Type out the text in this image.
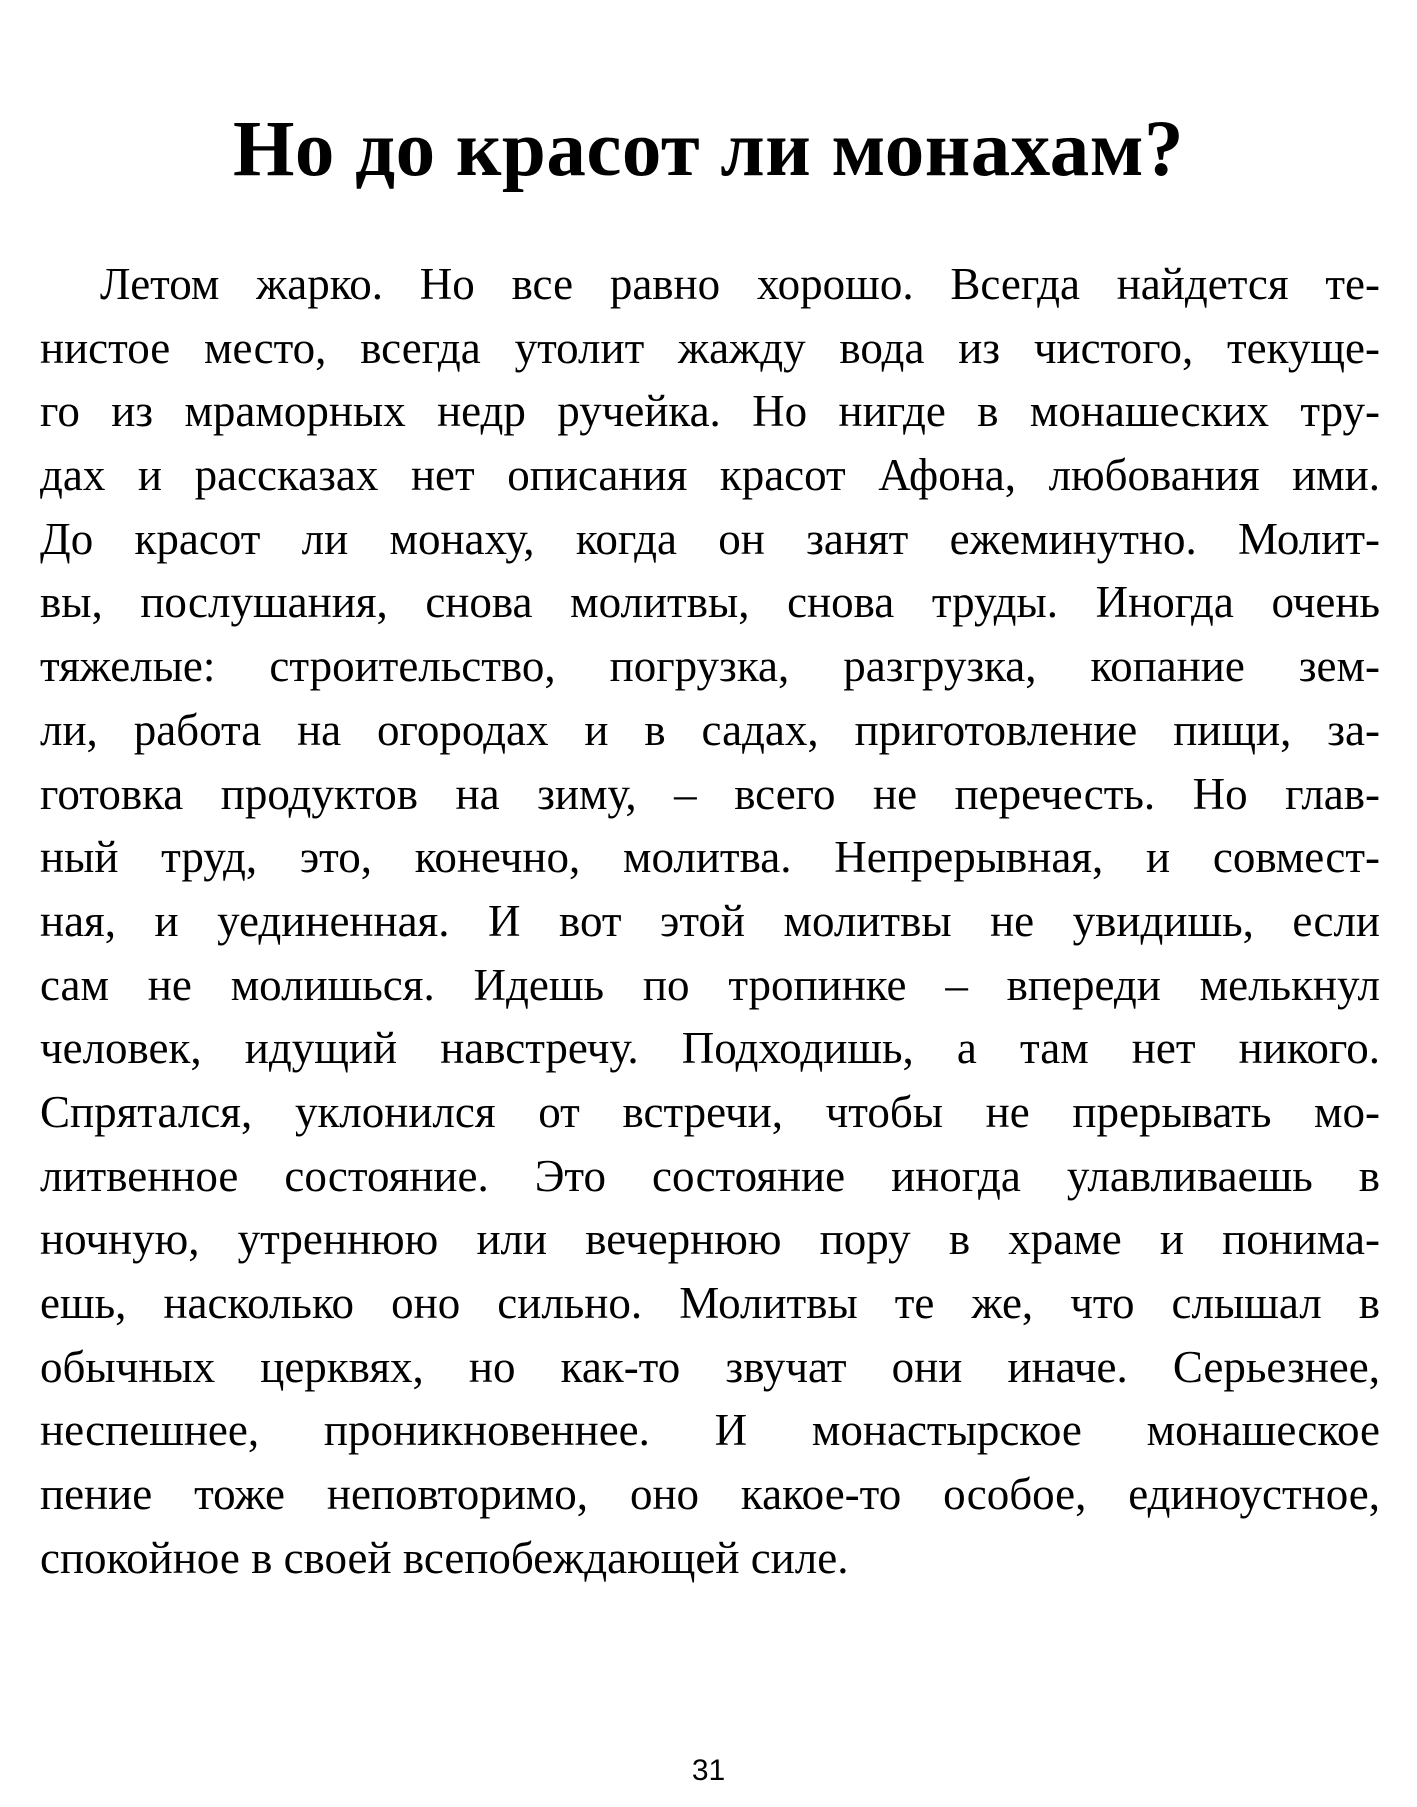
Но до красот ли монахам?
Летом жарко. Но все равно хорошо. Всегда найдется те-
нистое место, всегда утолит жажду вода из чистого, текуще-
го из мраморных недр ручейка. Но нигде в монашеских тру-
дах и рассказах нет описания красот Афона, любования ими.
До красот ли монаху, когда он занят ежеминутно. Молит-
вы, послушания, снова молитвы, снова труды. Иногда очень
тяжелые: строительство, погрузка, разгрузка, копание зем-
ли, работа на огородах и в садах, приготовление пищи, за-
готовка продуктов на зиму, – всего не перечесть. Но глав-
ный труд, это, конечно, молитва. Непрерывная, и совмест-
ная, и уединенная. И вот этой молитвы не увидишь, если
сам не молишься. Идешь по тропинке – впереди мелькнул
человек, идущий навстречу. Подходишь, а там нет никого.
Спрятался, уклонился от встречи, чтобы не прерывать мо-
литвенное состояние. Это состояние иногда улавливаешь в
ночную, утреннюю или вечернюю пору в храме и понима-
ешь, насколько оно сильно. Молитвы те же, что слышал в
обычных церквях, но как-то звучат они иначе. Серьезнее,
неспешнее, проникновеннее. И монастырское монашеское
пение тоже неповторимо, оно какое-то особое, единоустное,
спокойное в своей всепобеждающей силе.
31
